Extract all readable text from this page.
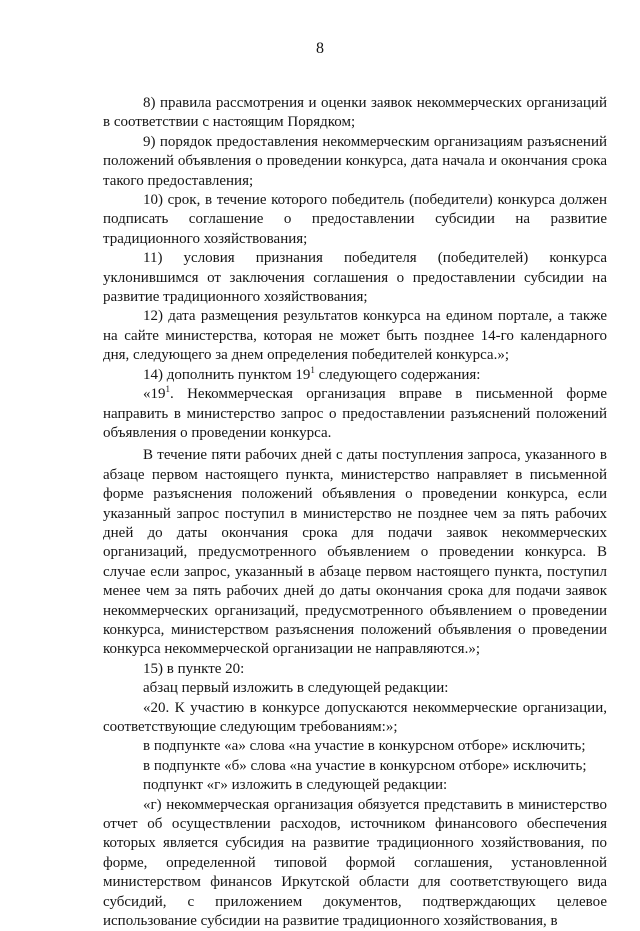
8

8) правила рассмотрения и оценки заявок некоммерческих организаций в соответствии с настоящим Порядком;

9) порядок предоставления некоммерческим организациям разъяснений положений объявления о проведении конкурса, дата начала и окончания срока такого предоставления;

10) срок, в течение которого победитель (победители) конкурса должен подписать соглашение о предоставлении субсидии на развитие традиционного хозяйствования;

11) условия признания победителя (победителей) конкурса уклонившимся от заключения соглашения о предоставлении субсидии на развитие традиционного хозяйствования;

12) дата размещения результатов конкурса на едином портале, а также на сайте министерства, которая не может быть позднее 14-го календарного дня, следующего за днем определения победителей конкурса.»;

14) дополнить пунктом $19^1$ следующего содержания:

«$19^1$. Некоммерческая организация вправе в письменной форме направить в министерство запрос о предоставлении разъяснений положений объявления о проведении конкурса.

В течение пяти рабочих дней с даты поступления запроса, указанного в абзаце первом настоящего пункта, министерство направляет в письменной форме разъяснения положений объявления о проведении конкурса, если указанный запрос поступил в министерство не позднее чем за пять рабочих дней до даты окончания срока для подачи заявок некоммерческих организаций, предусмотренного объявлением о проведении конкурса. В случае если запрос, указанный в абзаце первом настоящего пункта, поступил менее чем за пять рабочих дней до даты окончания срока для подачи заявок некоммерческих организаций, предусмотренного объявлением о проведении конкурса, министерством разъяснения положений объявления о проведении конкурса некоммерческой организации не направляются.»;

15) в пункте 20:

абзац первый изложить в следующей редакции:

«20. К участию в конкурсе допускаются некоммерческие организации, соответствующие следующим требованиям:»;

в подпункте «а» слова «на участие в конкурсном отборе» исключить;

в подпункте «б» слова «на участие в конкурсном отборе» исключить;

подпункт «г» изложить в следующей редакции:

«г) некоммерческая организация обязуется представить в министерство отчет об осуществлении расходов, источником финансового обеспечения которых является субсидия на развитие традиционного хозяйствования, по форме, определенной типовой формой соглашения, установленной министерством финансов Иркутской области для соответствующего вида субсидий, с приложением документов, подтверждающих целевое использование субсидии на развитие традиционного хозяйствования, в
